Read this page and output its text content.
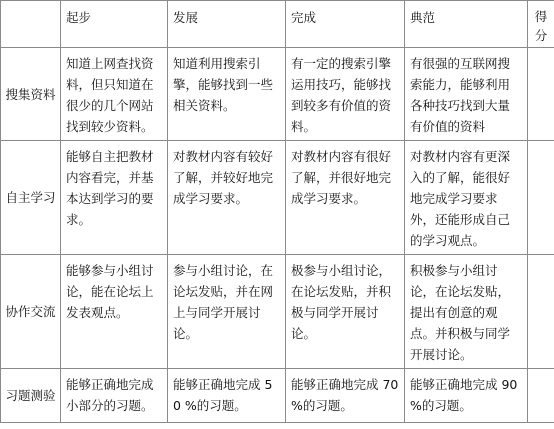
	起步	发展	完成	典范	得分
搜集资料	知道上网查找资料，但只知道在很少的几个网站找到较少资料。	知道利用搜索引擎，能够找到一些相关资料。	有一定的搜索引擎运用技巧，能够找到较多有价值的资料。	有很强的互联网搜索能力，能够利用各种技巧找到大量有价值的资料	
自主学习	能够自主把教材内容看完，并基本达到学习的要求。	对教材内容有较好了解，并较好地完成学习要求。	对教材内容有很好了解，并很好地完成学习要求。	对教材内容有更深入的了解，能很好地完成学习要求外，还能形成自己的学习观点。	
协作交流	能够参与小组讨论，能在论坛上发表观点。	参与小组讨论，在论坛发贴，并在网上与同学开展讨论。	极参与小组讨论，在论坛发贴，并积极与同学开展讨论。	积极参与小组讨论，在论坛发贴，提出有创意的观点。并积极与同学开展讨论。	
习题测验	能够正确地完成小部分的习题。	能够正确地完成 50 %的习题。	能够正确地完成 70 %的习题。	能够正确地完成 90 %的习题。	
